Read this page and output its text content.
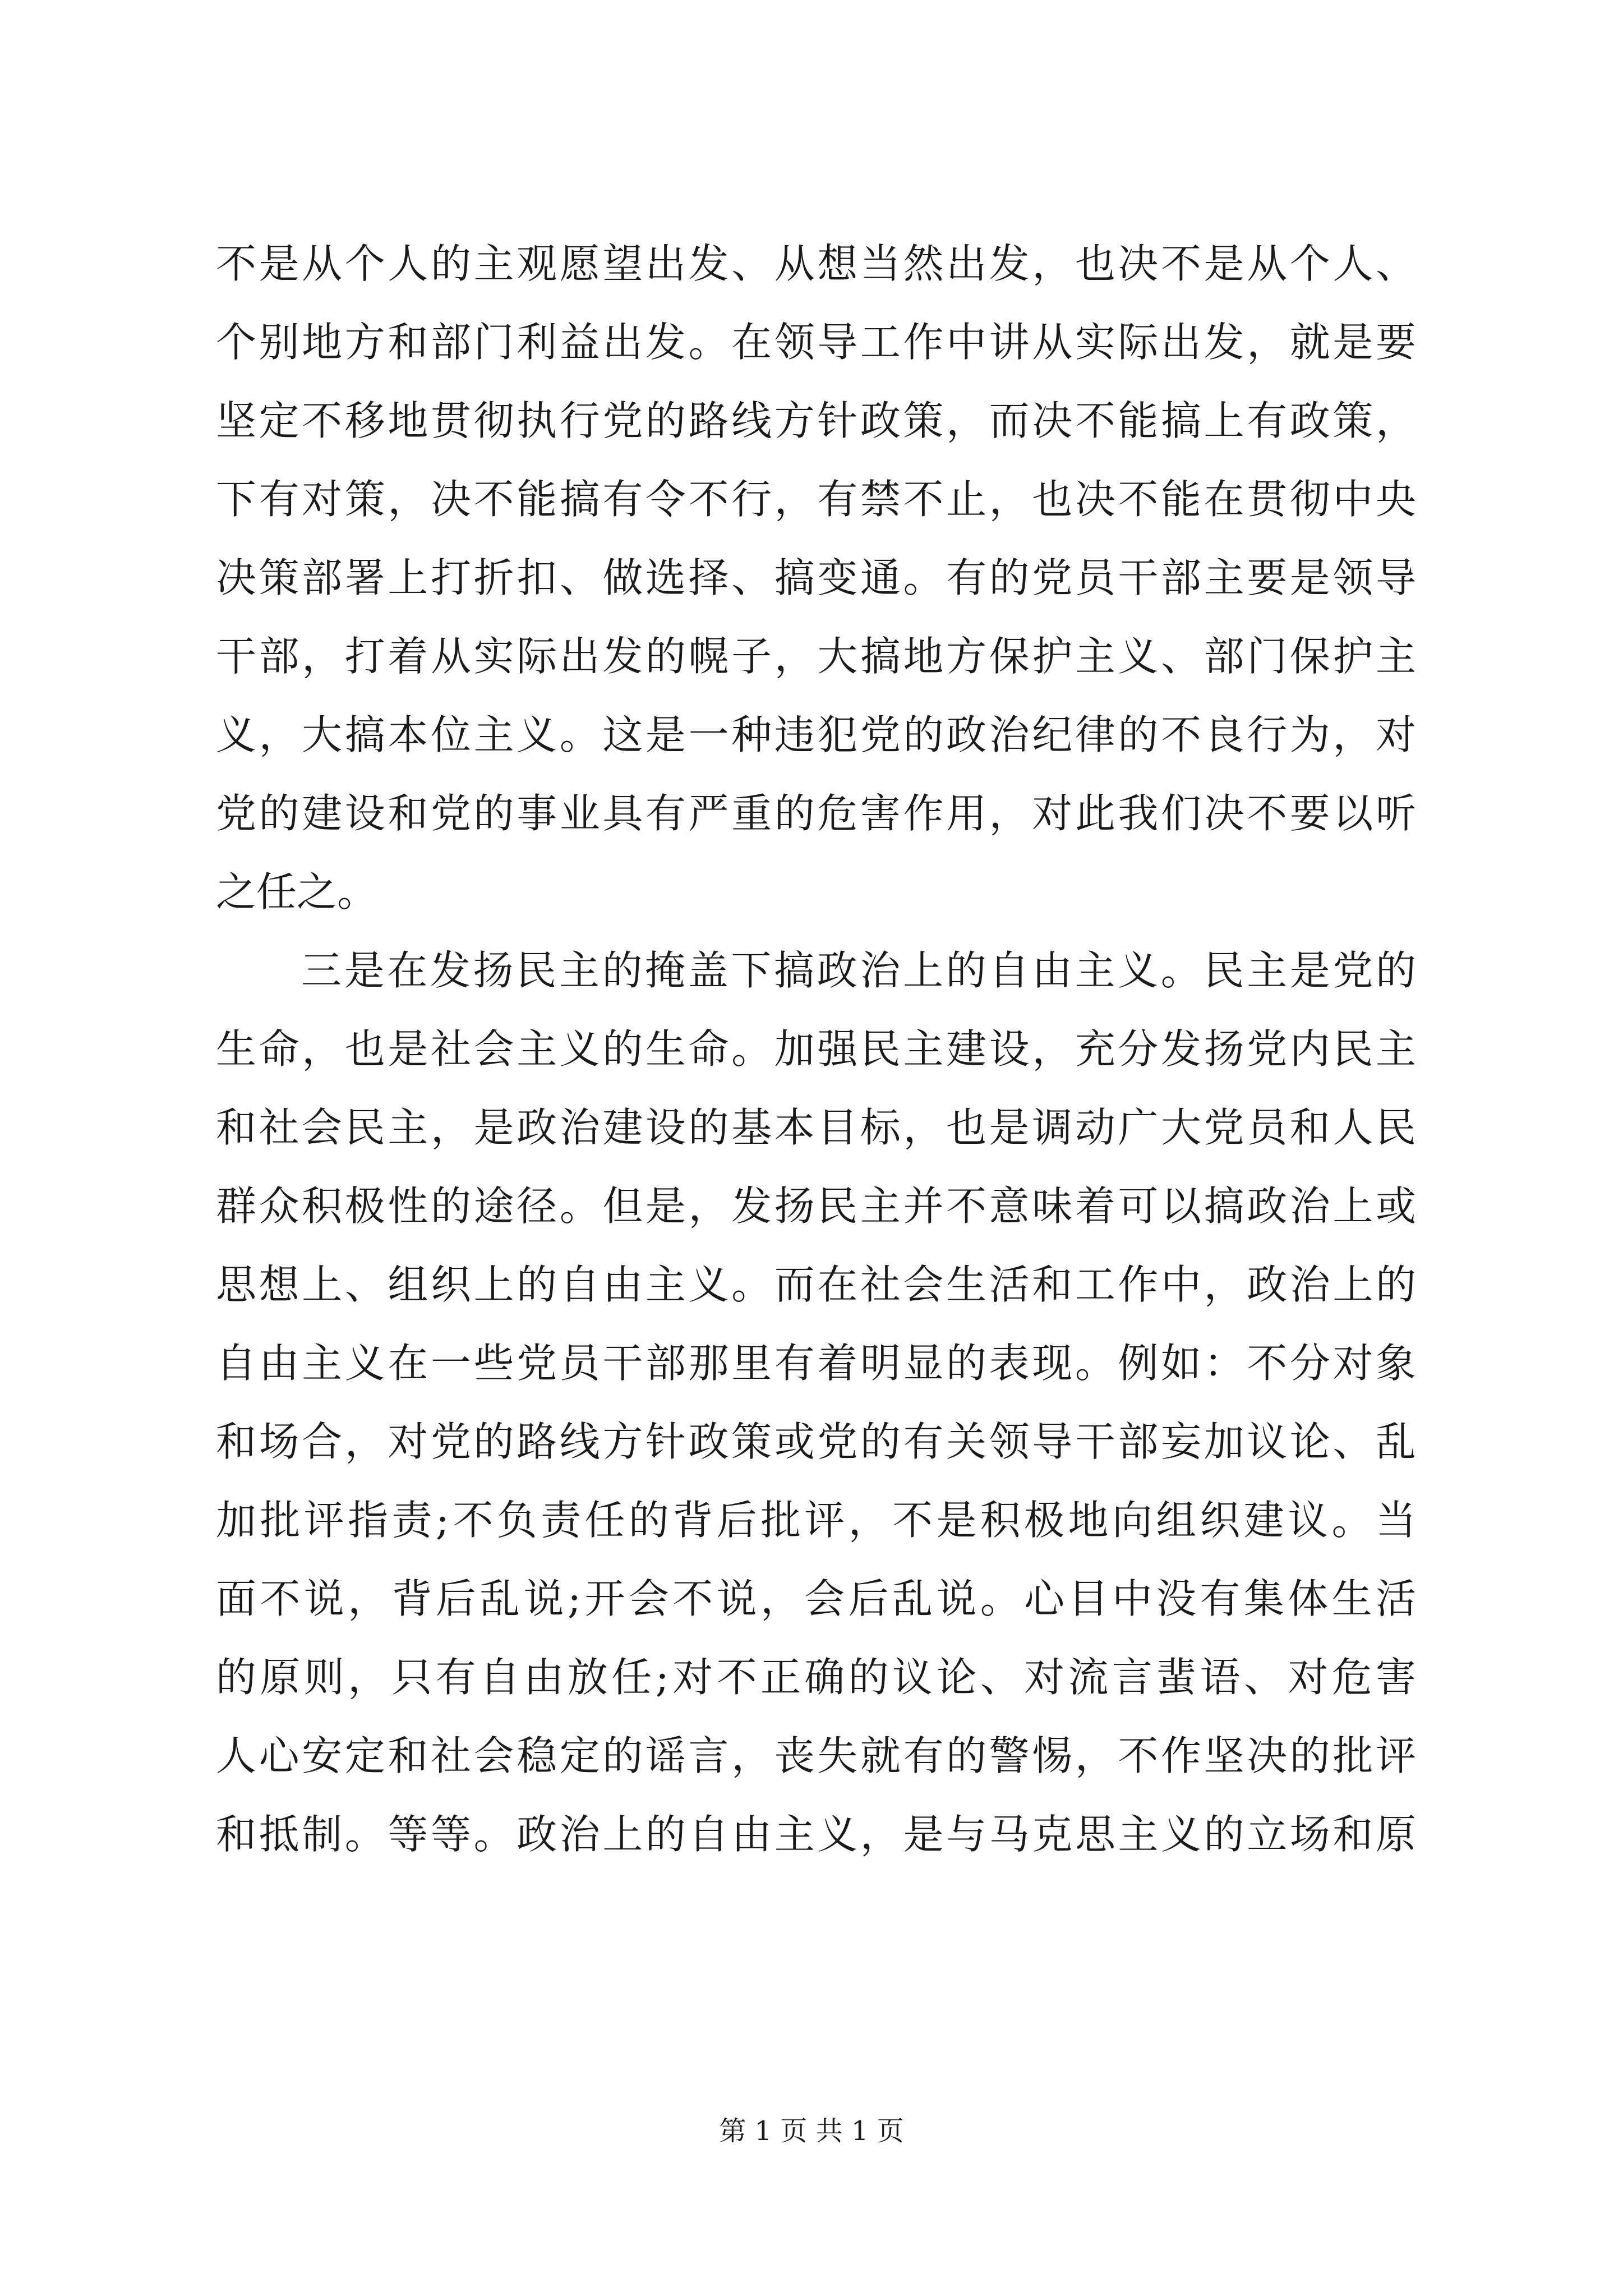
不是从个人的主观愿望出发、从想当然出发，也决不是从个人、
个别地方和部门利益出发。在领导工作中讲从实际出发，就是要
坚定不移地贯彻执行党的路线方针政策，而决不能搞上有政策，
下有对策，决不能搞有令不行，有禁不止，也决不能在贯彻中央
决策部署上打折扣、做选择、搞变通。有的党员干部主要是领导
干部，打着从实际出发的幌子，大搞地方保护主义、部门保护主
义，大搞本位主义。这是一种违犯党的政治纪律的不良行为，对
党的建设和党的事业具有严重的危害作用，对此我们决不要以听
之任之。
三是在发扬民主的掩盖下搞政治上的自由主义。民主是党的
生命，也是社会主义的生命。加强民主建设，充分发扬党内民主
和社会民主，是政治建设的基本目标，也是调动广大党员和人民
群众积极性的途径。但是，发扬民主并不意味着可以搞政治上或
思想上、组织上的自由主义。而在社会生活和工作中，政治上的
自由主义在一些党员干部那里有着明显的表现。例如：不分对象
和场合，对党的路线方针政策或党的有关领导干部妄加议论、乱
加批评指责;不负责任的背后批评，不是积极地向组织建议。当
面不说，背后乱说;开会不说，会后乱说。心目中没有集体生活
的原则，只有自由放任;对不正确的议论、对流言蜚语、对危害
人心安定和社会稳定的谣言，丧失就有的警惕，不作坚决的批评
和抵制。等等。政治上的自由主义，是与马克思主义的立场和原
第 1 页 共 1 页
